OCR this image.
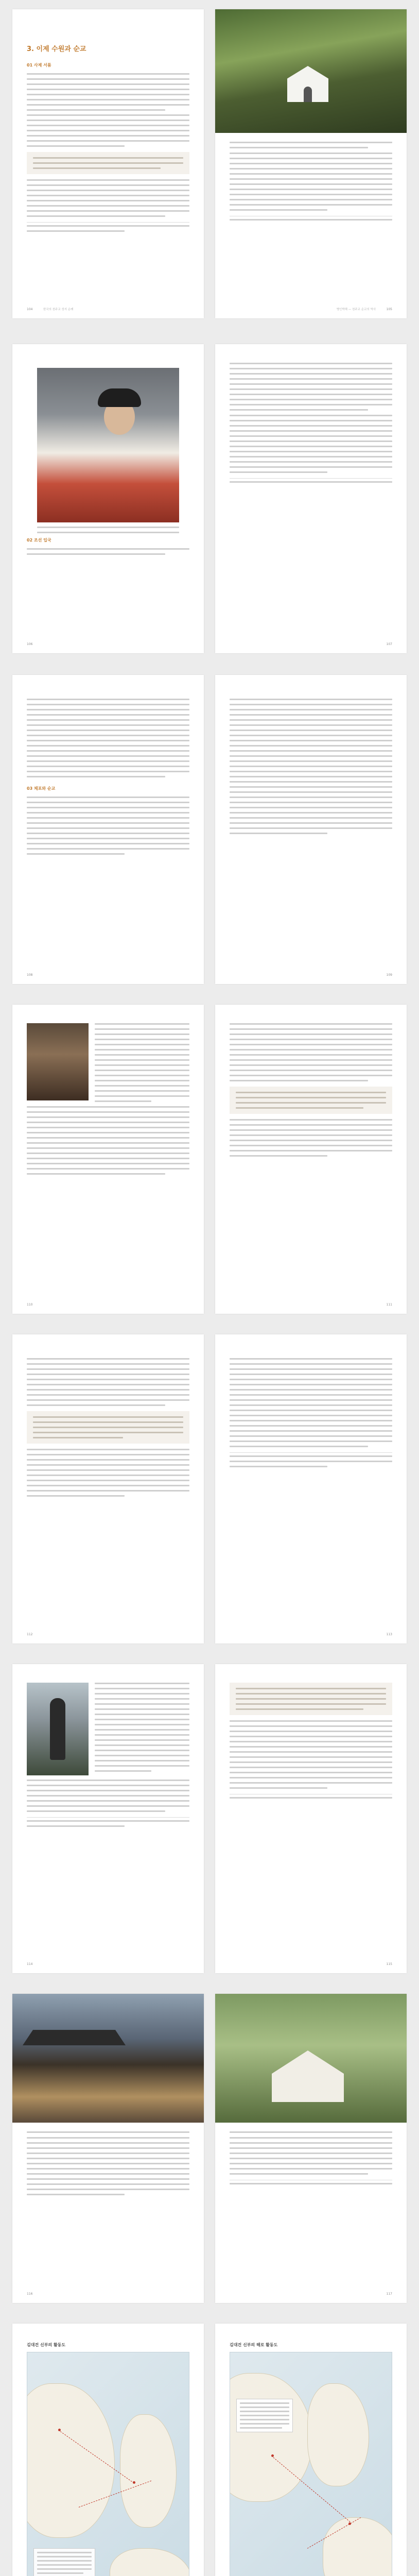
3. 이제 수원과 순교
01 사제 서품
104	한국의 천주교 성지 순례	105
병인박해 — 천주교 순교의 역사
02 조선 입국
106	107
03 체포와 순교
108	109
110	111
112	113
114	115
116	117
김대건 신부의 활동도	김대건 신부의 해로 활동도
